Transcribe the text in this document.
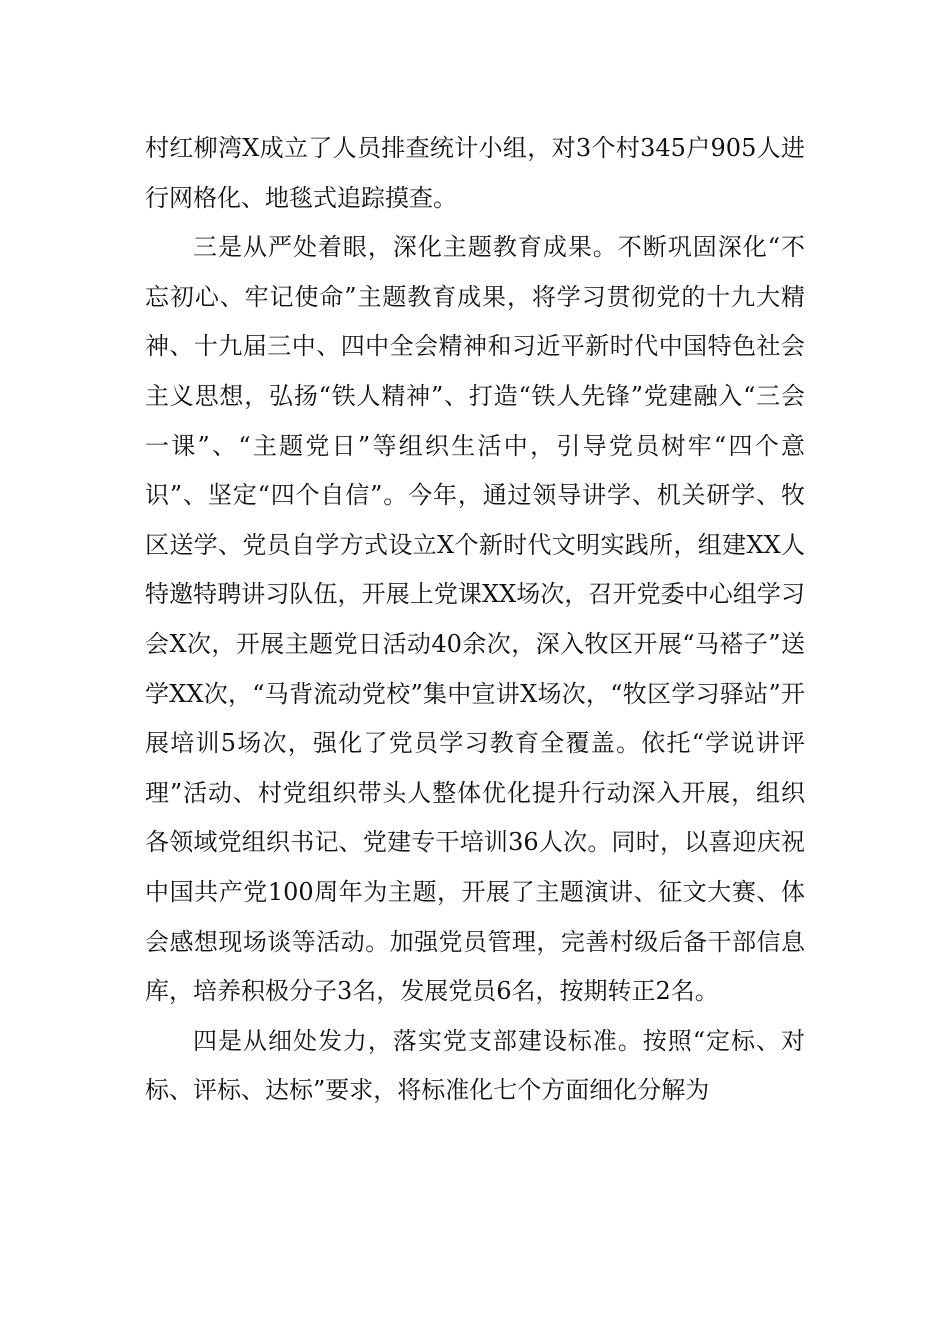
村红柳湾X成立了人员排查统计小组，对3个村345户905人进行网格化、地毯式追踪摸查。

三是从严处着眼，深化主题教育成果。不断巩固深化“不忘初心、牢记使命”主题教育成果，将学习贯彻党的十九大精神、十九届三中、四中全会精神和习近平新时代中国特色社会主义思想，弘扬“铁人精神”、打造“铁人先锋”党建融入“三会一课”、“主题党日”等组织生活中，引导党员树牢“四个意识”、坚定“四个自信”。今年，通过领导讲学、机关研学、牧区送学、党员自学方式设立X个新时代文明实践所，组建XX人特邀特聘讲习队伍，开展上党课XX场次，召开党委中心组学习会X次，开展主题党日活动40余次，深入牧区开展“马褡子”送学XX次，“马背流动党校”集中宣讲X场次，“牧区学习驿站”开展培训5场次，强化了党员学习教育全覆盖。依托“学说讲评理”活动、村党组织带头人整体优化提升行动深入开展，组织各领域党组织书记、党建专干培训36人次。同时，以喜迎庆祝中国共产党100周年为主题，开展了主题演讲、征文大赛、体会感想现场谈等活动。加强党员管理，完善村级后备干部信息库，培养积极分子3名，发展党员6名，按期转正2名。

四是从细处发力，落实党支部建设标准。按照“定标、对标、评标、达标”要求，将标准化七个方面细化分解为
